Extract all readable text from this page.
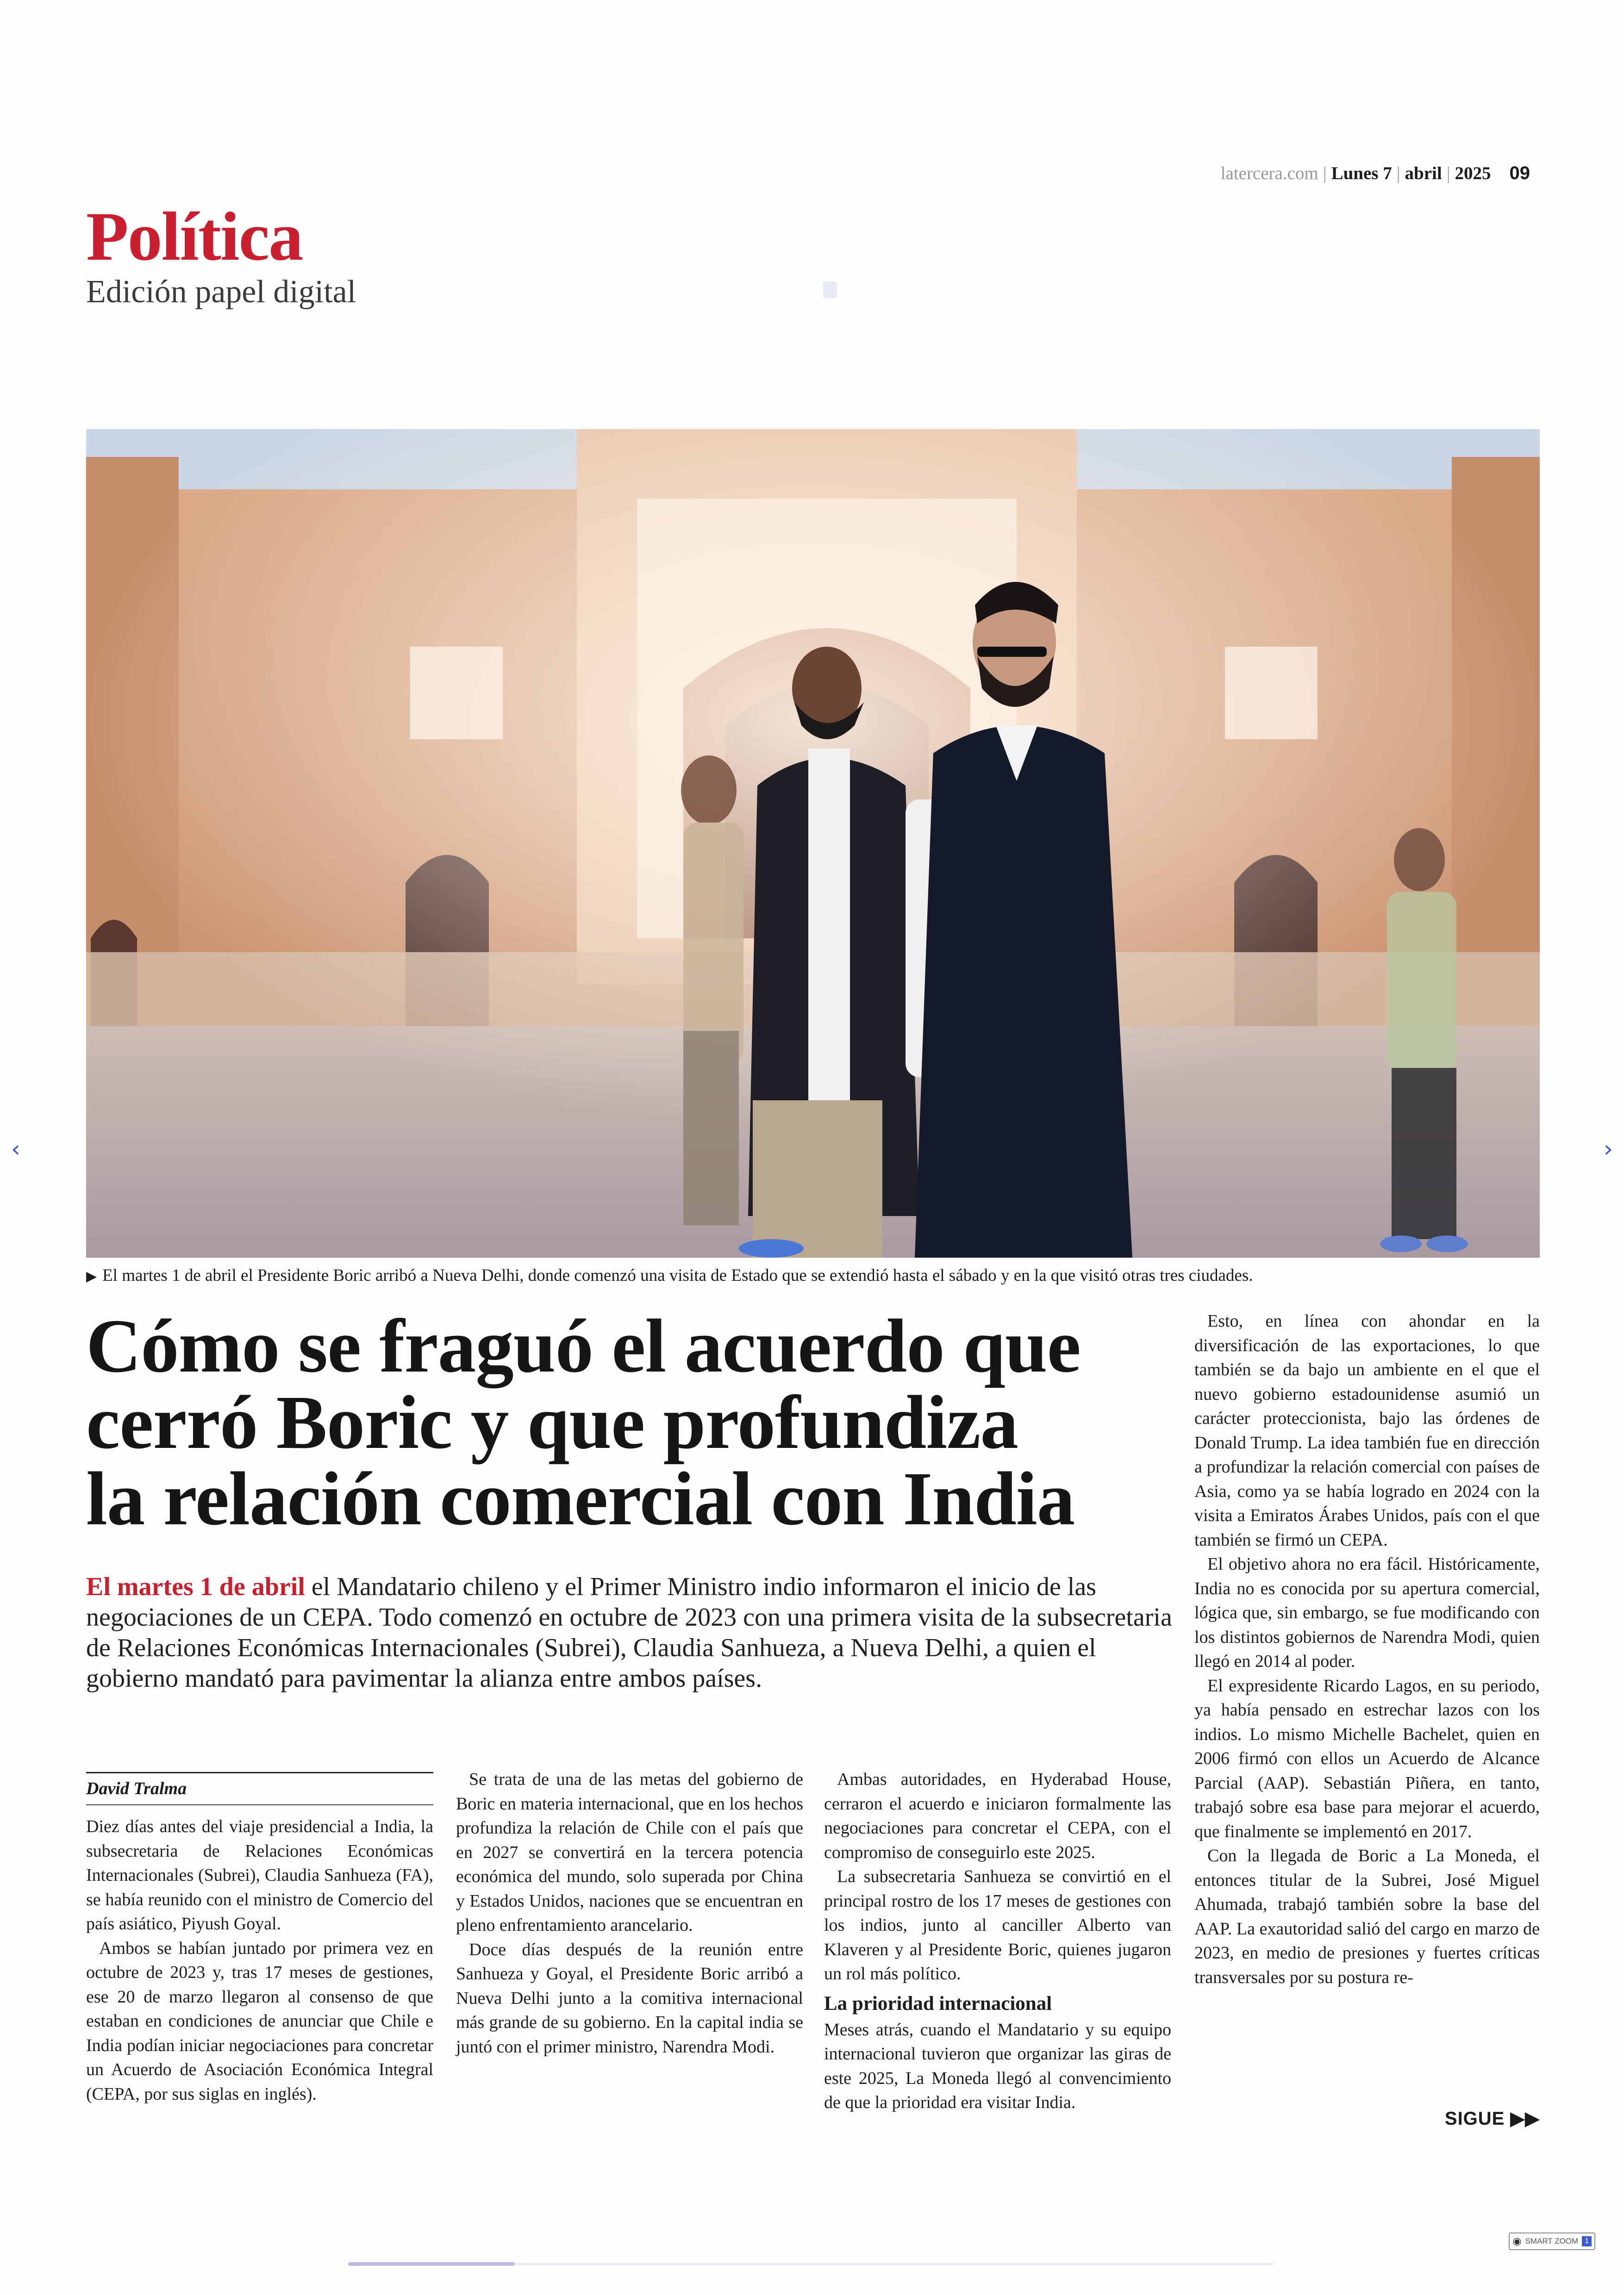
latercera.com | Lunes 7 | abril | 2025 09
Política
Edición papel digital
▶ El martes 1 de abril el Presidente Boric arribó a Nueva Delhi, donde comenzó una visita de Estado que se extendió hasta el sábado y en la que visitó otras tres ciudades.
Cómo se fraguó el acuerdo que
cerró Boric y que profundiza
la relación comercial con India
El martes 1 de abril el Mandatario chileno y el Primer Ministro indio informaron el inicio de las negociaciones de un CEPA. Todo comenzó en octubre de 2023 con una primera visita de la subsecretaria de Relaciones Económicas Internacionales (Subrei), Claudia Sanhueza, a Nueva Delhi, a quien el gobierno mandató para pavimentar la alianza entre ambos países.
David Tralma

Diez días antes del viaje presidencial a India, la subsecretaria de Relaciones Económicas Internacionales (Subrei), Claudia Sanhueza (FA), se había reunido con el ministro de Comercio del país asiático, Piyush Goyal.

Ambos se habían juntado por primera vez en octubre de 2023 y, tras 17 meses de gestiones, ese 20 de marzo llegaron al consenso de que estaban en condiciones de anunciar que Chile e India podían iniciar negociaciones para concretar un Acuerdo de Asociación Económica Integral (CEPA, por sus siglas en inglés).

Se trata de una de las metas del gobierno de Boric en materia internacional, que en los hechos profundiza la relación de Chile con el país que en 2027 se convertirá en la tercera potencia económica del mundo, solo superada por China y Estados Unidos, naciones que se encuentran en pleno enfrentamiento arancelario.

Doce días después de la reunión entre Sanhueza y Goyal, el Presidente Boric arribó a Nueva Delhi junto a la comitiva internacional más grande de su gobierno. En la capital india se juntó con el primer ministro, Narendra Modi.

Ambas autoridades, en Hyderabad House, cerraron el acuerdo e iniciaron formalmente las negociaciones para concretar el CEPA, con el compromiso de conseguirlo este 2025.

La subsecretaria Sanhueza se convirtió en el principal rostro de los 17 meses de gestiones con los indios, junto al canciller Alberto van Klaveren y al Presidente Boric, quienes jugaron un rol más político.

La prioridad internacional

Meses atrás, cuando el Mandatario y su equipo internacional tuvieron que organizar las giras de este 2025, La Moneda llegó al convencimiento de que la prioridad era visitar India.

Esto, en línea con ahondar en la diversificación de las exportaciones, lo que también se da bajo un ambiente en el que el nuevo gobierno estadounidense asumió un carácter proteccionista, bajo las órdenes de Donald Trump. La idea también fue en dirección a profundizar la relación comercial con países de Asia, como ya se había logrado en 2024 con la visita a Emiratos Árabes Unidos, país con el que también se firmó un CEPA.

El objetivo ahora no era fácil. Históricamente, India no es conocida por su apertura comercial, lógica que, sin embargo, se fue modificando con los distintos gobiernos de Narendra Modi, quien llegó en 2014 al poder.

El expresidente Ricardo Lagos, en su periodo, ya había pensado en estrechar lazos con los indios. Lo mismo Michelle Bachelet, quien en 2006 firmó con ellos un Acuerdo de Alcance Parcial (AAP). Sebastián Piñera, en tanto, trabajó sobre esa base para mejorar el acuerdo, que finalmente se implementó en 2017.

Con la llegada de Boric a La Moneda, el entonces titular de la Subrei, José Miguel Ahumada, trabajó también sobre la base del AAP. La exautoridad salió del cargo en marzo de 2023, en medio de presiones y fuertes críticas transversales por su postura re-

SIGUE ▶▶
‹	›
◉ SMART ZOOM 1
